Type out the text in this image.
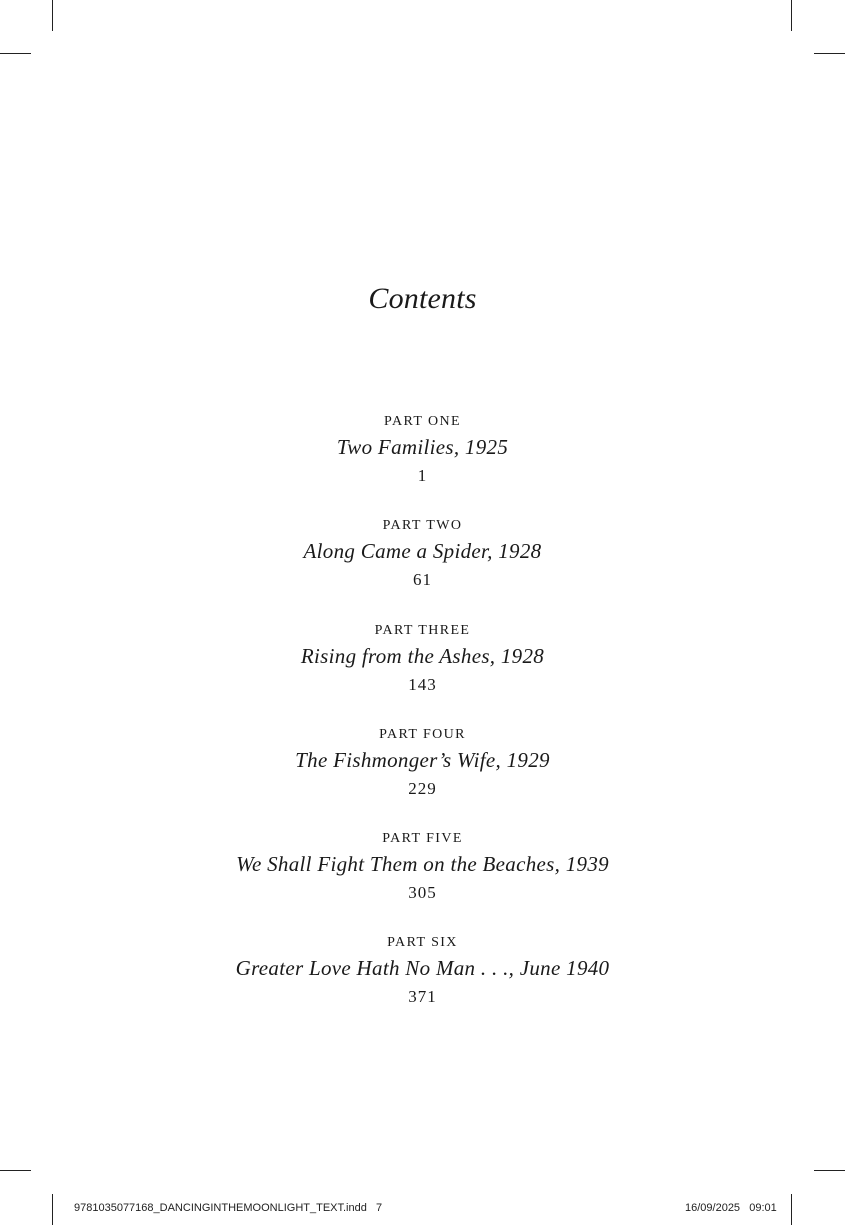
Contents
PART ONE
Two Families, 1925
1
PART TWO
Along Came a Spider, 1928
61
PART THREE
Rising from the Ashes, 1928
143
PART FOUR
The Fishmonger’s Wife, 1929
229
PART FIVE
We Shall Fight Them on the Beaches, 1939
305
PART SIX
Greater Love Hath No Man . . ., June 1940
371
9781035077168_DANCINGINTHEMOONLIGHT_TEXT.indd   7	16/09/2025   09:01
